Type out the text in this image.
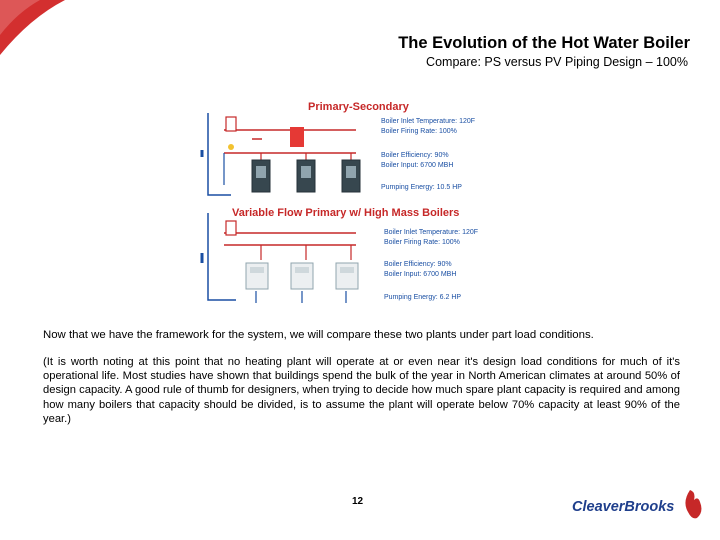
The Evolution of the Hot Water Boiler
Compare: PS versus PV Piping Design – 100%
Primary-Secondary
Boiler Inlet Temperature: 120F
Boiler Firing Rate: 100%
Boiler Efficiency: 90%
Boiler Input: 6700 MBH
Pumping Energy: 10.5 HP
Variable Flow Primary w/ High Mass Boilers
Boiler Inlet Temperature: 120F
Boiler Firing Rate: 100%
Boiler Efficiency: 90%
Boiler Input: 6700 MBH
Pumping Energy: 6.2 HP
Now that we have the framework for the system, we will compare these two plants under part load conditions.
(It is worth noting at this point that no heating plant will operate at or even near it's design load conditions for much of it's operational life. Most studies have shown that buildings spend the bulk of the year in North American climates at around 50% of design capacity. A good rule of thumb for designers, when trying to decide how much spare plant capacity is required and among how many boilers that capacity should be divided, is to assume the plant will operate below 70% capacity at least 90% of the year.)
12	CleaverBrooks
